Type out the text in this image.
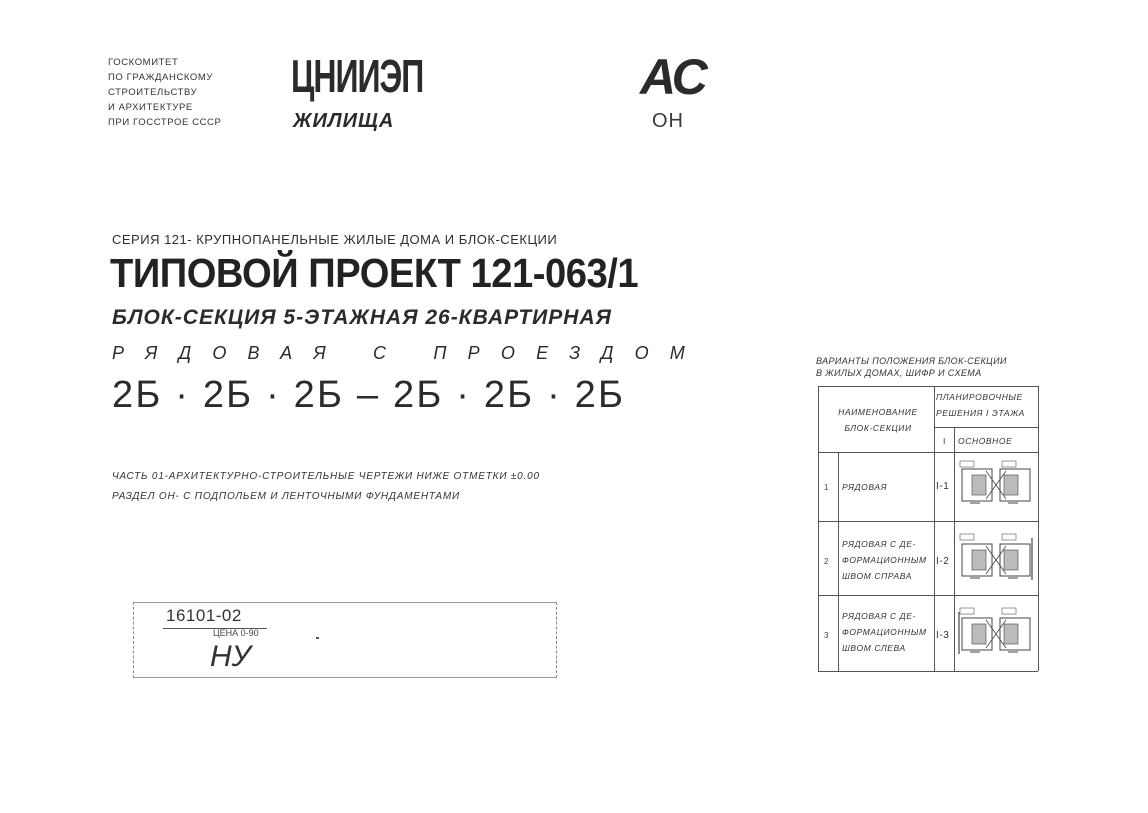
ГОСКОМИТЕТ
ПО ГРАЖДАНСКОМУ
СТРОИТЕЛЬСТВУ
И АРХИТЕКТУРЕ
ПРИ ГОССТРОЕ СССР
ЦНИИЭП
ЖИЛИЩА
АС
ОН
СЕРИЯ 121- КРУПНОПАНЕЛЬНЫЕ ЖИЛЫЕ ДОМА И БЛОК-СЕКЦИИ
ТИПОВОЙ ПРОЕКТ 121-063/1
БЛОК-СЕКЦИЯ 5-ЭТАЖНАЯ 26-КВАРТИРНАЯ
РЯДОВАЯ С ПРОЕЗДОМ
2Б · 2Б · 2Б – 2Б · 2Б · 2Б
ЧАСТЬ 01-АРХИТЕКТУРНО-СТРОИТЕЛЬНЫЕ ЧЕРТЕЖИ НИЖЕ ОТМЕТКИ ±0.00
РАЗДЕЛ ОН- С ПОДПОЛЬЕМ И ЛЕНТОЧНЫМИ ФУНДАМЕНТАМИ
16101-02
ЦЕНА 0-90
НУ
ВАРИАНТЫ ПОЛОЖЕНИЯ БЛОК-СЕКЦИИ
В ЖИЛЫХ ДОМАХ, ШИФР И СХЕМА
НАИМЕНОВАНИЕ
БЛОК-СЕКЦИИ
ПЛАНИРОВОЧНЫЕ
РЕШЕНИЯ I ЭТАЖА
I ОСНОВНОЕ
1 РЯДОВАЯ	I-1
2
РЯДОВАЯ С ДЕ-
ФОРМАЦИОННЫМ
ШВОМ СПРАВА
I-2
3
РЯДОВАЯ С ДЕ-
ФОРМАЦИОННЫМ
ШВОМ СЛЕВА
I-3
